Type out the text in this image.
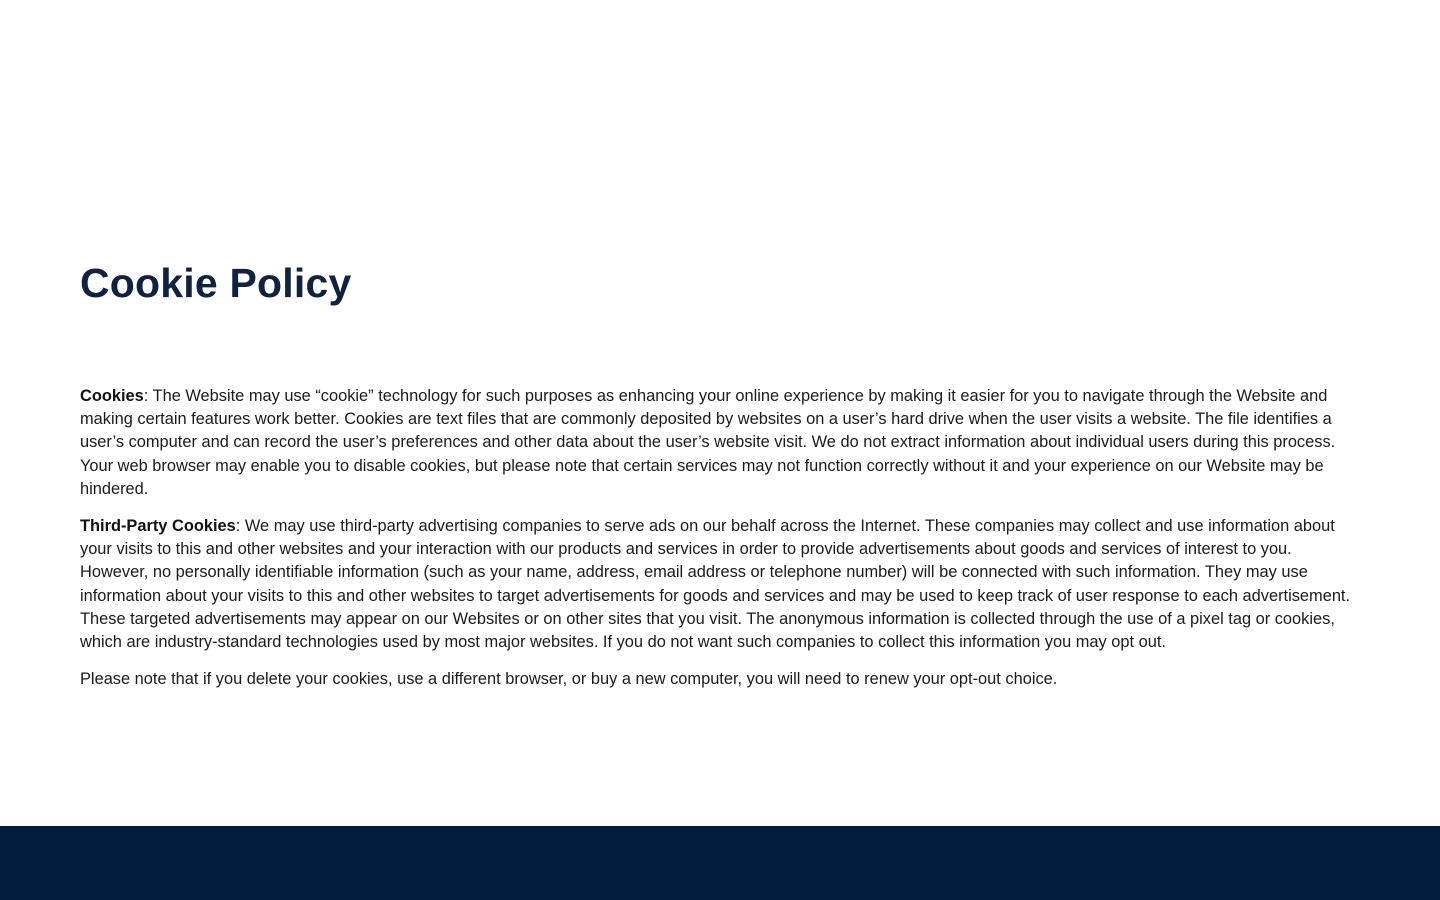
Cookie Policy

Cookies: The Website may use “cookie” technology for such purposes as enhancing your online experience by making it easier for you to navigate through the Website and making certain features work better. Cookies are text files that are commonly deposited by websites on a user’s hard drive when the user visits a website. The file identifies a user’s computer and can record the user’s preferences and other data about the user’s website visit. We do not extract information about individual users during this process. Your web browser may enable you to disable cookies, but please note that certain services may not function correctly without it and your experience on our Website may be hindered.

Third-Party Cookies: We may use third-party advertising companies to serve ads on our behalf across the Internet. These companies may collect and use information about your visits to this and other websites and your interaction with our products and services in order to provide advertisements about goods and services of interest to you. However, no personally identifiable information (such as your name, address, email address or telephone number) will be connected with such information. They may use information about your visits to this and other websites to target advertisements for goods and services and may be used to keep track of user response to each advertisement. These targeted advertisements may appear on our Websites or on other sites that you visit. The anonymous information is collected through the use of a pixel tag or cookies, which are industry-standard technologies used by most major websites. If you do not want such companies to collect this information you may opt out.

Please note that if you delete your cookies, use a different browser, or buy a new computer, you will need to renew your opt-out choice.
